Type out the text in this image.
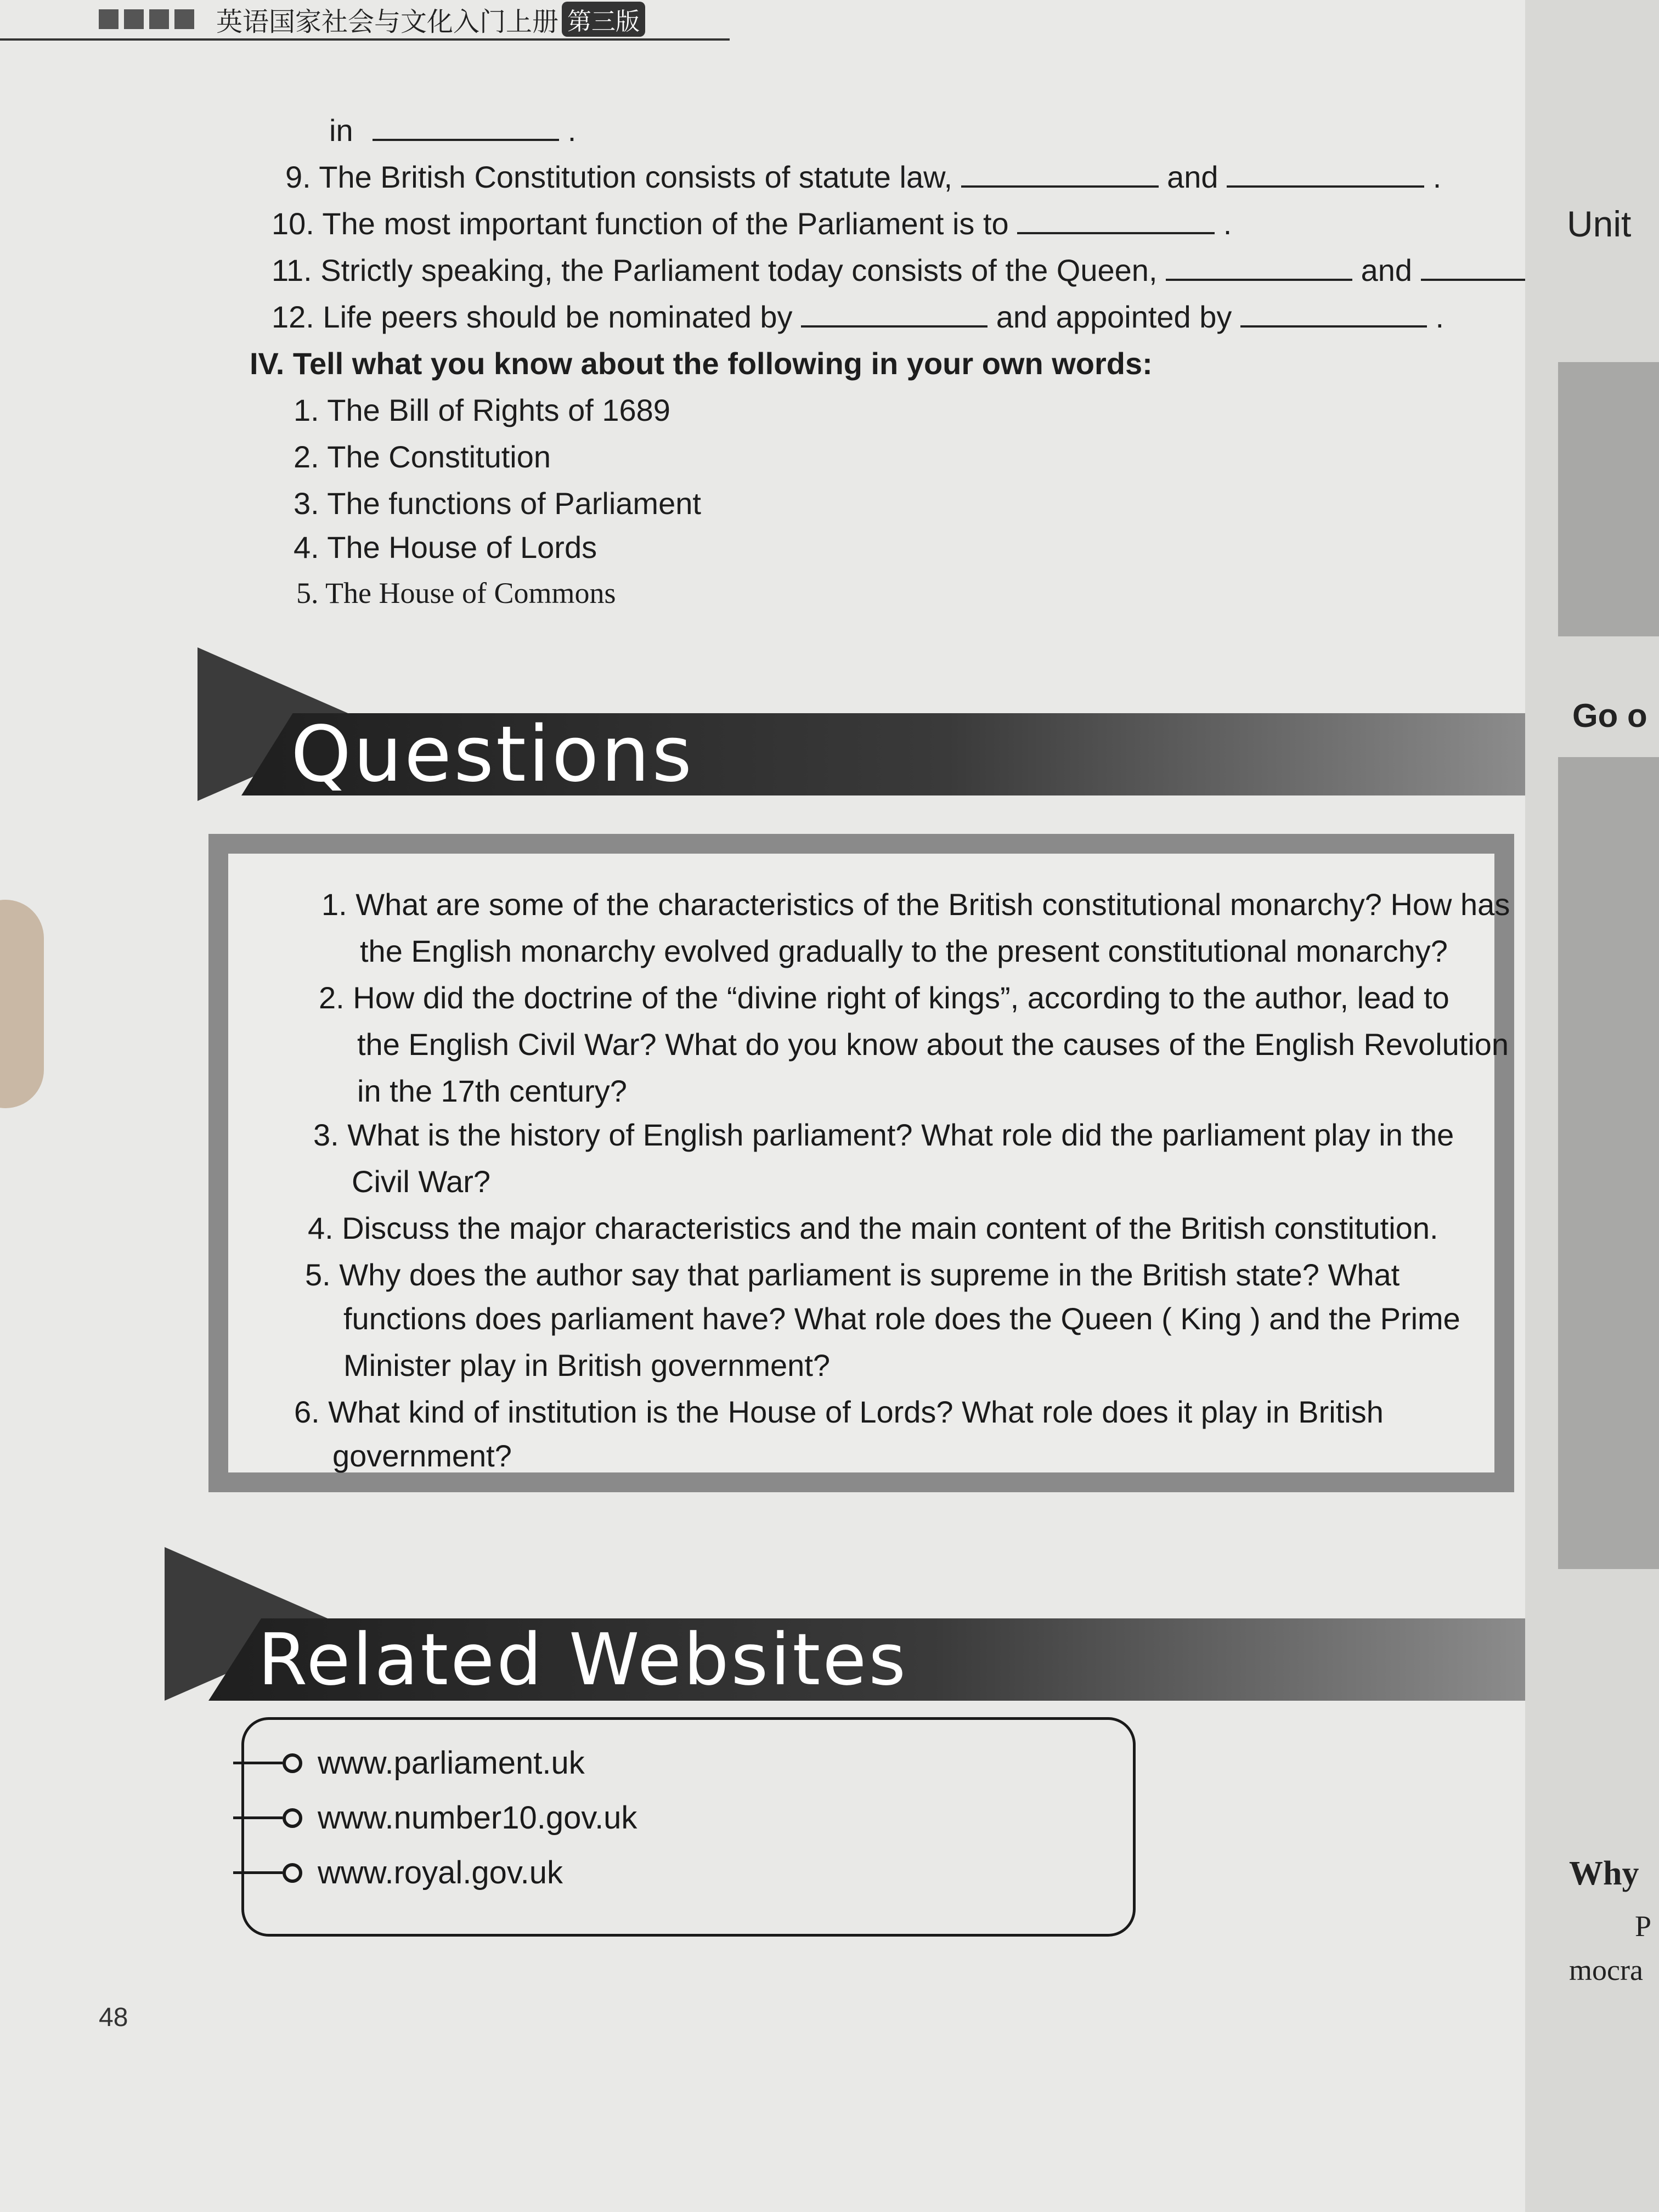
英语国家社会与文化入门上册 第三版
in	.
9. The British Constitution consists of statute law,	and	.
10. The most important function of the Parliament is to	.
11. Strictly speaking, the Parliament today consists of the Queen,	and
12. Life peers should be nominated by	and appointed by	.
IV. Tell what you know about the following in your own words:
1. The Bill of Rights of 1689
2. The Constitution
3. The functions of Parliament
4. The House of Lords
5. The House of Commons
Questions
1. What are some of the characteristics of the British constitutional monarchy? How has
the English monarchy evolved gradually to the present constitutional monarchy?
2. How did the doctrine of the “divine right of kings”, according to the author, lead to
the English Civil War? What do you know about the causes of the English Revolution
in the 17th century?
3. What is the history of English parliament? What role did the parliament play in the
Civil War?
4. Discuss the major characteristics and the main content of the British constitution.
5. Why does the author say that parliament is supreme in the British state? What
functions does parliament have? What role does the Queen ( King ) and the Prime
Minister play in British government?
6. What kind of institution is the House of Lords? What role does it play in British
government?
Related Websites
www.parliament.uk
www.number10.gov.uk
www.royal.gov.uk
48
Unit
Go o
Why
P
mocra
